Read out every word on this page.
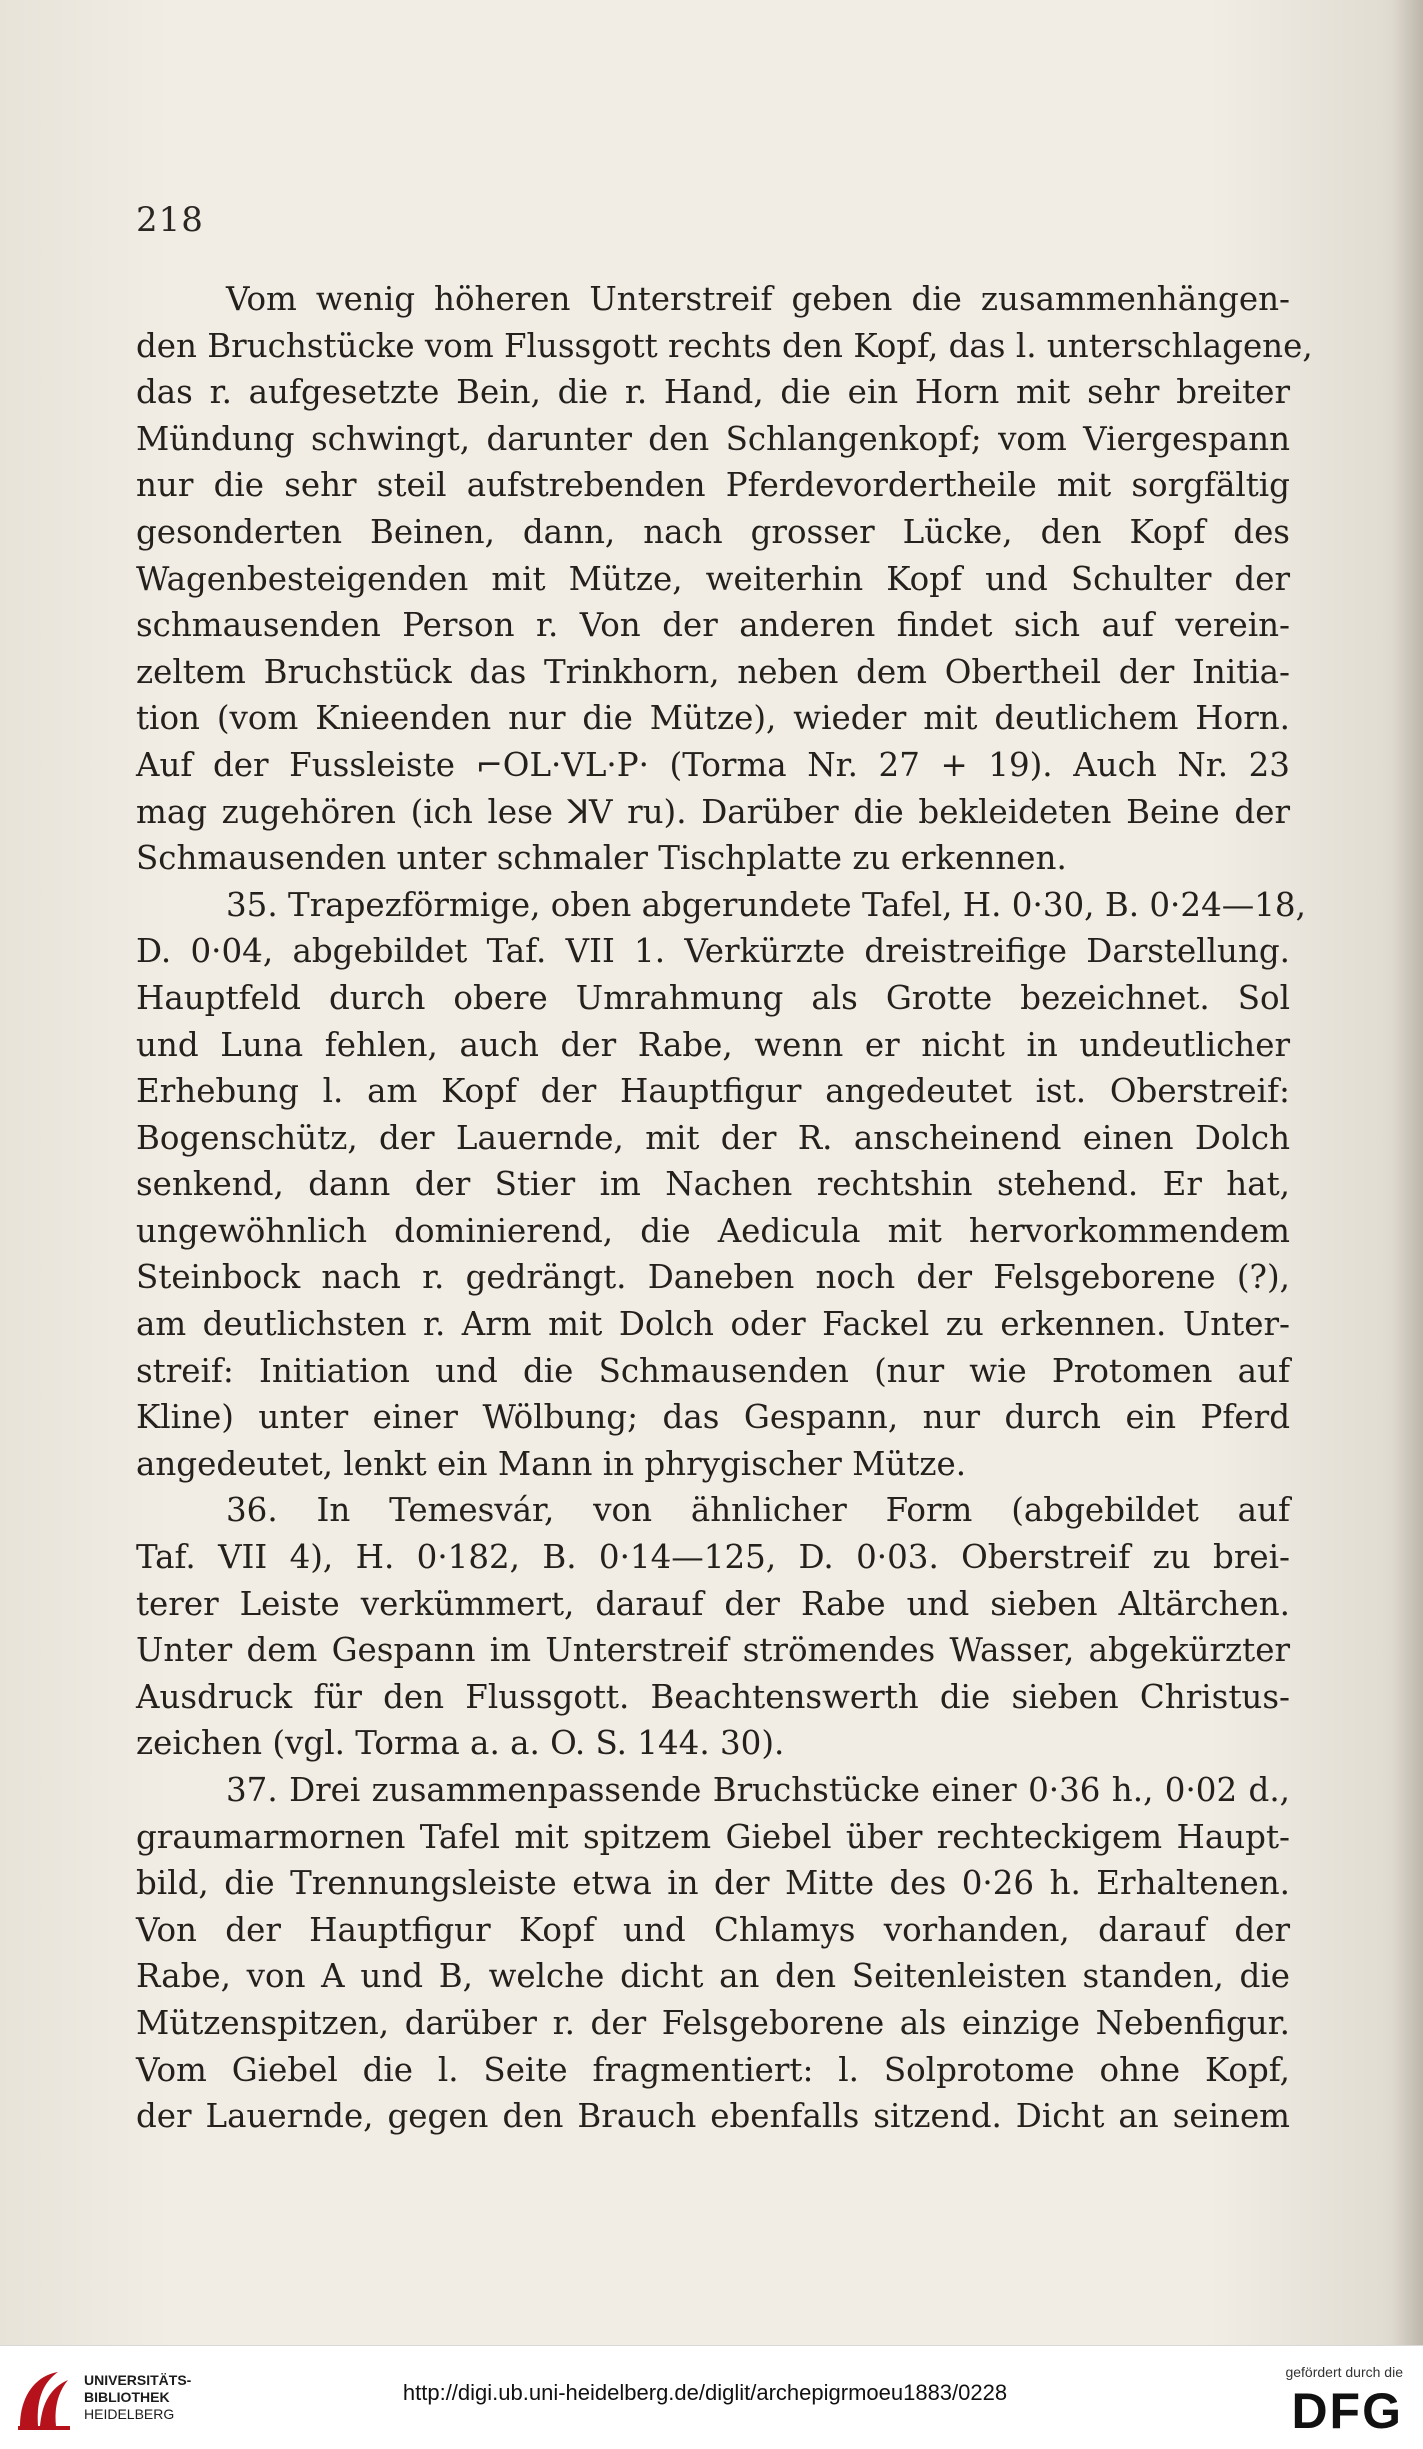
218
Vom wenig höheren Unterstreif geben die zusammenhängen-
den Bruchstücke vom Flussgott rechts den Kopf, das l. unterschlagene,
das r. aufgesetzte Bein, die r. Hand, die ein Horn mit sehr breiter
Mündung schwingt, darunter den Schlangenkopf; vom Viergespann
nur die sehr steil aufstrebenden Pferdevordertheile mit sorgfältig
gesonderten Beinen, dann, nach grosser Lücke, den Kopf des
Wagenbesteigenden mit Mütze, weiterhin Kopf und Schulter der
schmausenden Person r. Von der anderen findet sich auf verein-
zeltem Bruchstück das Trinkhorn, neben dem Obertheil der Initia-
tion (vom Knieenden nur die Mütze), wieder mit deutlichem Horn.
Auf der Fussleiste ⌐OL·VL·P· (Torma Nr. 27 + 19). Auch Nr. 23
mag zugehören (ich lese ꓘV ru). Darüber die bekleideten Beine der
Schmausenden unter schmaler Tischplatte zu erkennen.
35. Trapezförmige, oben abgerundete Tafel, H. 0·30, B. 0·24—18,
D. 0·04, abgebildet Taf. VII 1. Verkürzte dreistreifige Darstellung.
Hauptfeld durch obere Umrahmung als Grotte bezeichnet. Sol
und Luna fehlen, auch der Rabe, wenn er nicht in undeutlicher
Erhebung l. am Kopf der Hauptfigur angedeutet ist. Oberstreif:
Bogenschütz, der Lauernde, mit der R. anscheinend einen Dolch
senkend, dann der Stier im Nachen rechtshin stehend. Er hat,
ungewöhnlich dominierend, die Aedicula mit hervorkommendem
Steinbock nach r. gedrängt. Daneben noch der Felsgeborene (?),
am deutlichsten r. Arm mit Dolch oder Fackel zu erkennen. Unter-
streif: Initiation und die Schmausenden (nur wie Protomen auf
Kline) unter einer Wölbung; das Gespann, nur durch ein Pferd
angedeutet, lenkt ein Mann in phrygischer Mütze.
36. In Temesvár, von ähnlicher Form (abgebildet auf
Taf. VII 4), H. 0·182, B. 0·14—125, D. 0·03. Oberstreif zu brei-
terer Leiste verkümmert, darauf der Rabe und sieben Altärchen.
Unter dem Gespann im Unterstreif strömendes Wasser, abgekürzter
Ausdruck für den Flussgott. Beachtenswerth die sieben Christus-
zeichen (vgl. Torma a. a. O. S. 144. 30).
37. Drei zusammenpassende Bruchstücke einer 0·36 h., 0·02 d.,
graumarmornen Tafel mit spitzem Giebel über rechteckigem Haupt-
bild, die Trennungsleiste etwa in der Mitte des 0·26 h. Erhaltenen.
Von der Hauptfigur Kopf und Chlamys vorhanden, darauf der
Rabe, von A und B, welche dicht an den Seitenleisten standen, die
Mützenspitzen, darüber r. der Felsgeborene als einzige Nebenfigur.
Vom Giebel die l. Seite fragmentiert: l. Solprotome ohne Kopf,
der Lauernde, gegen den Brauch ebenfalls sitzend. Dicht an seinem
UNIVERSITÄTS-
BIBLIOTHEK
HEIDELBERG
http://digi.ub.uni-heidelberg.de/diglit/archepigrmoeu1883/0228
gefördert durch die
DFG
